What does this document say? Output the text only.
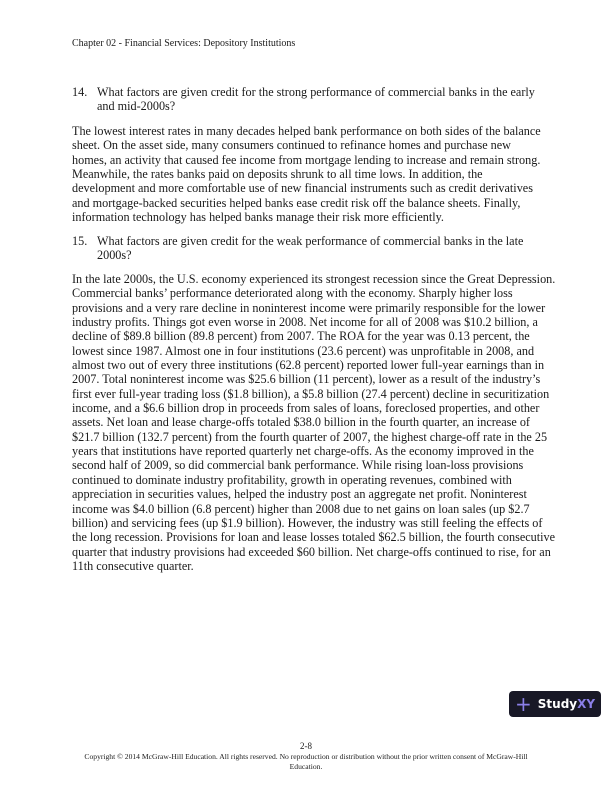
Chapter 02 - Financial Services: Depository Institutions
14. What factors are given credit for the strong performance of commercial banks in the early
and mid-2000s?
The lowest interest rates in many decades helped bank performance on both sides of the balance
sheet. On the asset side, many consumers continued to refinance homes and purchase new
homes, an activity that caused fee income from mortgage lending to increase and remain strong.
Meanwhile, the rates banks paid on deposits shrunk to all time lows. In addition, the
development and more comfortable use of new financial instruments such as credit derivatives
and mortgage-backed securities helped banks ease credit risk off the balance sheets. Finally,
information technology has helped banks manage their risk more efficiently.
15. What factors are given credit for the weak performance of commercial banks in the late
2000s?
In the late 2000s, the U.S. economy experienced its strongest recession since the Great Depression.
Commercial banks’ performance deteriorated along with the economy. Sharply higher loss
provisions and a very rare decline in noninterest income were primarily responsible for the lower
industry profits. Things got even worse in 2008. Net income for all of 2008 was $10.2 billion, a
decline of $89.8 billion (89.8 percent) from 2007. The ROA for the year was 0.13 percent, the
lowest since 1987. Almost one in four institutions (23.6 percent) was unprofitable in 2008, and
almost two out of every three institutions (62.8 percent) reported lower full-year earnings than in
2007. Total noninterest income was $25.6 billion (11 percent), lower as a result of the industry’s
first ever full-year trading loss ($1.8 billion), a $5.8 billion (27.4 percent) decline in securitization
income, and a $6.6 billion drop in proceeds from sales of loans, foreclosed properties, and other
assets. Net loan and lease charge-offs totaled $38.0 billion in the fourth quarter, an increase of
$21.7 billion (132.7 percent) from the fourth quarter of 2007, the highest charge-off rate in the 25
years that institutions have reported quarterly net charge-offs. As the economy improved in the
second half of 2009, so did commercial bank performance. While rising loan-loss provisions
continued to dominate industry profitability, growth in operating revenues, combined with
appreciation in securities values, helped the industry post an aggregate net profit. Noninterest
income was $4.0 billion (6.8 percent) higher than 2008 due to net gains on loan sales (up $2.7
billion) and servicing fees (up $1.9 billion). However, the industry was still feeling the effects of
the long recession. Provisions for loan and lease losses totaled $62.5 billion, the fourth consecutive
quarter that industry provisions had exceeded $60 billion. Net charge-offs continued to rise, for an
11th consecutive quarter.
+ Study XY
2-8
Copyright © 2014 McGraw-Hill Education. All rights reserved. No reproduction or distribution without the prior written consent of McGraw-Hill
Education.
